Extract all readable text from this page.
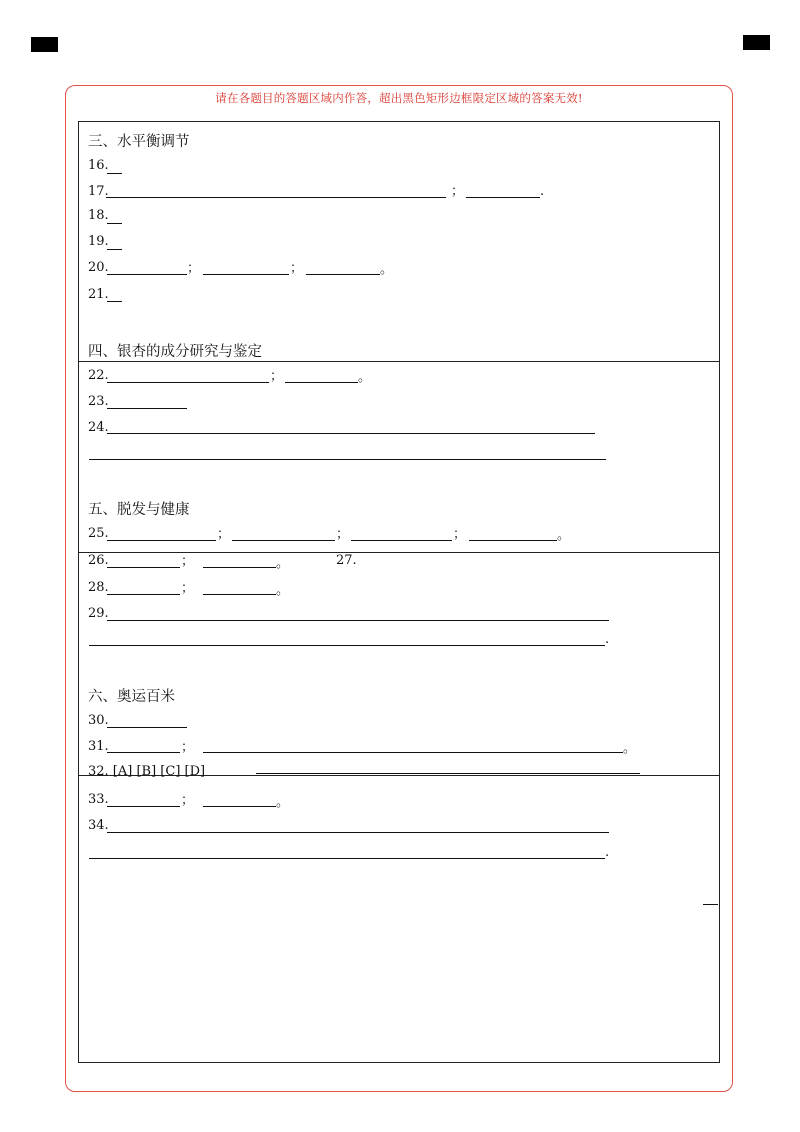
请在各题目的答题区域内作答，超出黑色矩形边框限定区域的答案无效!
三、水平衡调节
16.
17.	；	.
18.
19.
20.	；	；	。
21.
四、银杏的成分研究与鉴定
22.	；	。
23.
24.
五、脱发与健康
25.	；	；	；	。
26.	；	。	27.
28.	；	。
29.
.
六、奥运百米
30.
31.	；	。
32. [A] [B] [C] [D]
33.	；	。
34.
.
